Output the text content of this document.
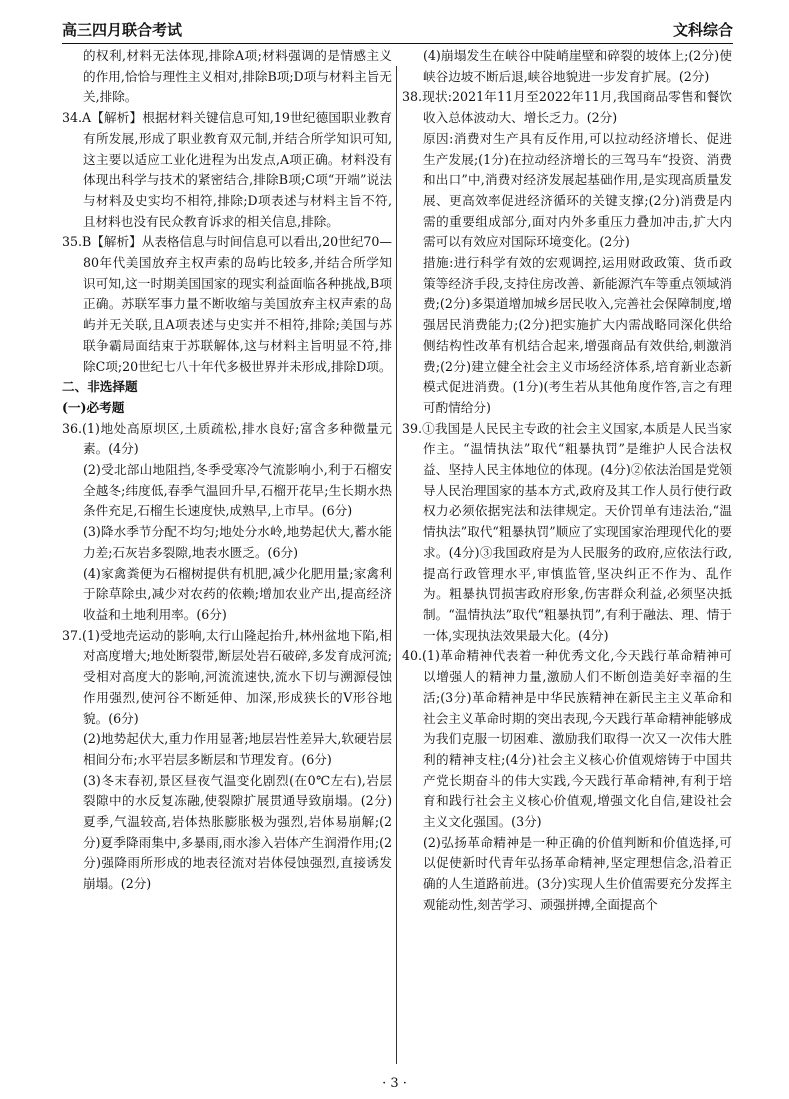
高三四月联合考试	文科综合

的权利,材料无法体现,排除A项;材料强调的是情感主义的作用,恰恰与理性主义相对,排除B项;D项与材料主旨无关,排除。

34.A【解析】根据材料关键信息可知,19世纪德国职业教育有所发展,形成了职业教育双元制,并结合所学知识可知,这主要以适应工业化进程为出发点,A项正确。材料没有体现出科学与技术的紧密结合,排除B项;C项“开端”说法与材料及史实均不相符,排除;D项表述与材料主旨不符,且材料也没有民众教育诉求的相关信息,排除。

35.B【解析】从表格信息与时间信息可以看出,20世纪70—80年代美国放弃主权声索的岛屿比较多,并结合所学知识可知,这一时期美国国家的现实利益面临各种挑战,B项正确。苏联军事力量不断收缩与美国放弃主权声索的岛屿并无关联,且A项表述与史实并不相符,排除;美国与苏联争霸局面结束于苏联解体,这与材料主旨明显不符,排除C项;20世纪七八十年代多极世界并未形成,排除D项。

二、非选择题

(一)必考题

36.(1)地处高原坝区,土质疏松,排水良好;富含多种微量元素。(4分)

(2)受北部山地阻挡,冬季受寒冷气流影响小,利于石榴安全越冬;纬度低,春季气温回升早,石榴开花早;生长期水热条件充足,石榴生长速度快,成熟早,上市早。(6分)

(3)降水季节分配不均匀;地处分水岭,地势起伏大,蓄水能力差;石灰岩多裂隙,地表水匮乏。(6分)

(4)家禽粪便为石榴树提供有机肥,减少化肥用量;家禽利于除草除虫,减少对农药的依赖;增加农业产出,提高经济收益和土地利用率。(6分)

37.(1)受地壳运动的影响,太行山隆起抬升,林州盆地下陷,相对高度增大;地处断裂带,断层处岩石破碎,多发育成河流;受相对高度大的影响,河流流速快,流水下切与溯源侵蚀作用强烈,使河谷不断延伸、加深,形成狭长的V形谷地貌。(6分)

(2)地势起伏大,重力作用显著;地层岩性差异大,软硬岩层相间分布;水平岩层多断层和节理发育。(6分)

(3)冬末春初,景区昼夜气温变化剧烈(在0℃左右),岩层裂隙中的水反复冻融,使裂隙扩展贯通导致崩塌。(2分)夏季,气温较高,岩体热胀膨胀极为强烈,岩体易崩解;(2分)夏季降雨集中,多暴雨,雨水渗入岩体产生润滑作用;(2分)强降雨所形成的地表径流对岩体侵蚀强烈,直接诱发崩塌。(2分)

(4)崩塌发生在峡谷中陡峭崖壁和碎裂的坡体上;(2分)使峡谷边坡不断后退,峡谷地貌进一步发育扩展。(2分)

38.现状:2021年11月至2022年11月,我国商品零售和餐饮收入总体波动大、增长乏力。(2分)

原因:消费对生产具有反作用,可以拉动经济增长、促进生产发展;(1分)在拉动经济增长的三驾马车“投资、消费和出口”中,消费对经济发展起基础作用,是实现高质量发展、更高效率促进经济循环的关键支撑;(2分)消费是内需的重要组成部分,面对内外多重压力叠加冲击,扩大内需可以有效应对国际环境变化。(2分)

措施:进行科学有效的宏观调控,运用财政政策、货币政策等经济手段,支持住房改善、新能源汽车等重点领域消费;(2分)多渠道增加城乡居民收入,完善社会保障制度,增强居民消费能力;(2分)把实施扩大内需战略同深化供给侧结构性改革有机结合起来,增强商品有效供给,刺激消费;(2分)建立健全社会主义市场经济体系,培育新业态新模式促进消费。(1分)(考生若从其他角度作答,言之有理可酌情给分)

39.①我国是人民民主专政的社会主义国家,本质是人民当家作主。“温情执法”取代“粗暴执罚”是维护人民合法权益、坚持人民主体地位的体现。(4分)②依法治国是党领导人民治理国家的基本方式,政府及其工作人员行使行政权力必须依据宪法和法律规定。天价罚单有违法治,“温情执法”取代“粗暴执罚”顺应了实现国家治理现代化的要求。(4分)③我国政府是为人民服务的政府,应依法行政,提高行政管理水平,审慎监管,坚决纠正不作为、乱作为。粗暴执罚损害政府形象,伤害群众利益,必须坚决抵制。“温情执法”取代“粗暴执罚”,有利于融法、理、情于一体,实现执法效果最大化。(4分)

40.(1)革命精神代表着一种优秀文化,今天践行革命精神可以增强人的精神力量,激励人们不断创造美好幸福的生活;(3分)革命精神是中华民族精神在新民主主义革命和社会主义革命时期的突出表现,今天践行革命精神能够成为我们克服一切困难、激励我们取得一次又一次伟大胜利的精神支柱;(4分)社会主义核心价值观熔铸于中国共产党长期奋斗的伟大实践,今天践行革命精神,有利于培育和践行社会主义核心价值观,增强文化自信,建设社会主义文化强国。(3分)

(2)弘扬革命精神是一种正确的价值判断和价值选择,可以促使新时代青年弘扬革命精神,坚定理想信念,沿着正确的人生道路前进。(3分)实现人生价值需要充分发挥主观能动性,刻苦学习、顽强拼搏,全面提高个

· 3 ·
